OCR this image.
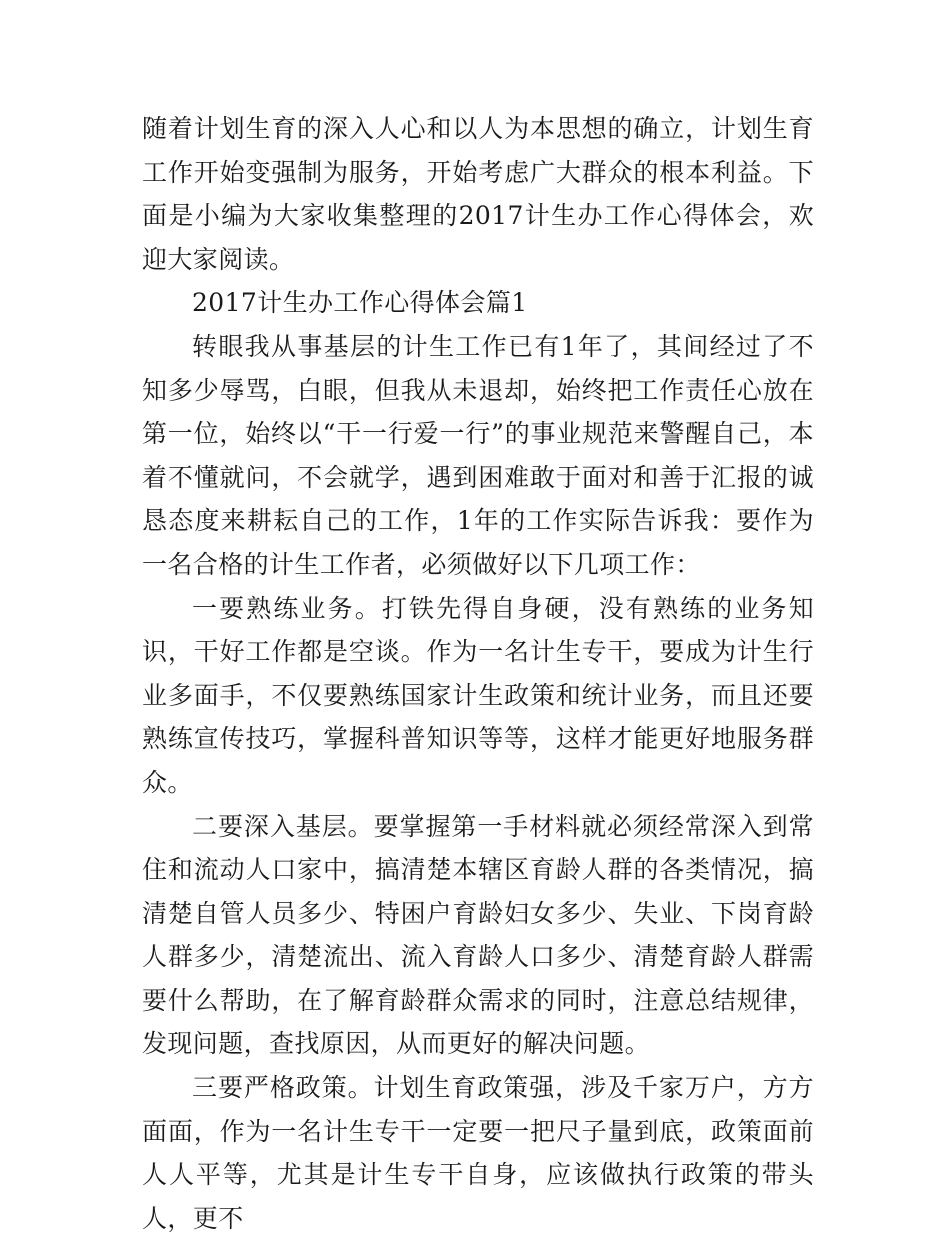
随着计划生育的深入人心和以人为本思想的确立，计划生育工作开始变强制为服务，开始考虑广大群众的根本利益。下面是小编为大家收集整理的2017计生办工作心得体会，欢迎大家阅读。

2017计生办工作心得体会篇1

转眼我从事基层的计生工作已有1年了，其间经过了不知多少辱骂，白眼，但我从未退却，始终把工作责任心放在第一位，始终以“干一行爱一行”的事业规范来警醒自己，本着不懂就问，不会就学，遇到困难敢于面对和善于汇报的诚恳态度来耕耘自己的工作，1年的工作实际告诉我：要作为一名合格的计生工作者，必须做好以下几项工作：

一要熟练业务。打铁先得自身硬，没有熟练的业务知识，干好工作都是空谈。作为一名计生专干，要成为计生行业多面手，不仅要熟练国家计生政策和统计业务，而且还要熟练宣传技巧，掌握科普知识等等，这样才能更好地服务群众。

二要深入基层。要掌握第一手材料就必须经常深入到常住和流动人口家中，搞清楚本辖区育龄人群的各类情况，搞清楚自管人员多少、特困户育龄妇女多少、失业、下岗育龄人群多少，清楚流出、流入育龄人口多少、清楚育龄人群需要什么帮助，在了解育龄群众需求的同时，注意总结规律，发现问题，查找原因，从而更好的解决问题。

三要严格政策。计划生育政策强，涉及千家万户，方方面面，作为一名计生专干一定要一把尺子量到底，政策面前人人平等，尤其是计生专干自身，应该做执行政策的带头人，更不
